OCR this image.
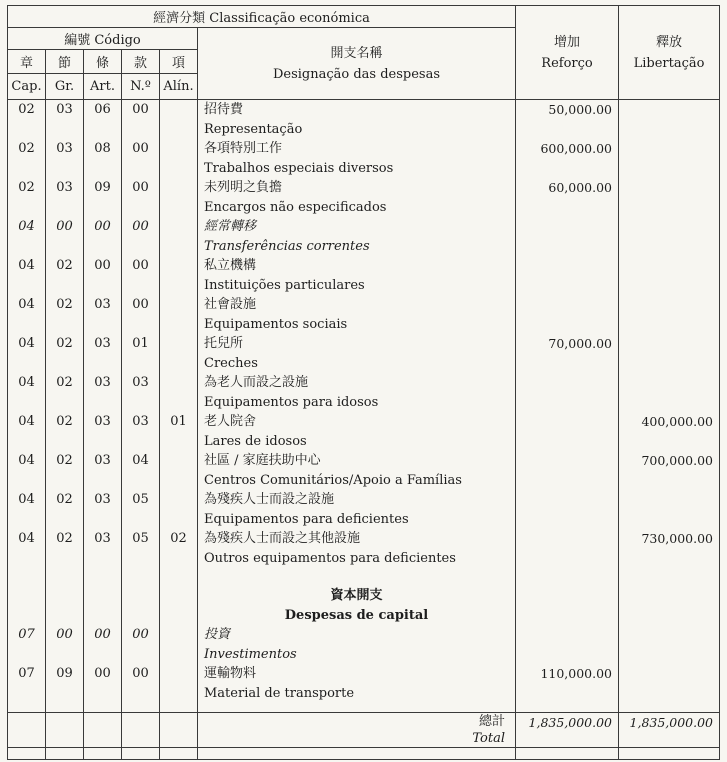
經濟分類 Classificação económica	
增加
Reforço

釋放
Libertação

編號 Código					開支名稱
Designação das despesas		

章	節	條	款	項			
Cap.	Gr.	Art.	N.º	Alín.			

02	03	06	00		招待費
Representação	50,000.00	

02	03	08	00		各項特別工作
Trabalhos especiais diversos	600,000.00	

02	03	09	00		未列明之負擔
Encargos não especificados	60,000.00	

04	00	00	00		經常轉移
Transferências correntes		

04	02	00	00		私立機構
Instituições particulares		

04	02	03	00		社會設施
Equipamentos sociais		

04	02	03	01		托兒所
Creches	70,000.00	

04	02	03	03		為老人而設之設施
Equipamentos para idosos		

04	02	03	03	01	老人院舍
Lares de idosos		400,000.00

04	02	03	04		社區 / 家庭扶助中心
Centros Comunitários/Apoio a Famílias		700,000.00

04	02	03	05		為殘疾人士而設之設施
Equipamentos para deficientes		

04	02	03	05	02	為殘疾人士而設之其他設施
Outros equipamentos para deficientes		730,000.00

					資本開支
Despesas de capital		

07	00	00	00		投資
Investimentos		

07	09	00	00		運輸物料
Material de transporte	110,000.00	

					總計
Total	1,835,000.00	1,835,000.00
